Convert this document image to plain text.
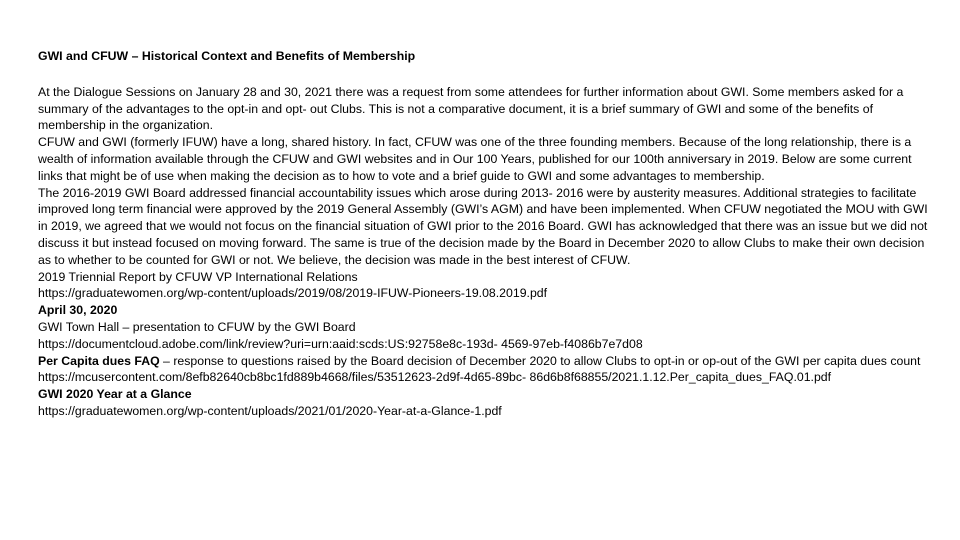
GWI and CFUW – Historical Context and Benefits of Membership

At the Dialogue Sessions on January 28 and 30, 2021 there was a request from some attendees for further information about GWI. Some members asked for a summary of the advantages to the opt-in and opt- out Clubs. This is not a comparative document, it is a brief summary of GWI and some of the benefits of membership in the organization.

CFUW and GWI (formerly IFUW) have a long, shared history. In fact, CFUW was one of the three founding members. Because of the long relationship, there is a wealth of information available through the CFUW and GWI websites and in Our 100 Years, published for our 100th anniversary in 2019. Below are some current links that might be of use when making the decision as to how to vote and a brief guide to GWI and some advantages to membership.

The 2016-2019 GWI Board addressed financial accountability issues which arose during 2013- 2016 were by austerity measures. Additional strategies to facilitate improved long term financial were approved by the 2019 General Assembly (GWI’s AGM) and have been implemented. When CFUW negotiated the MOU with GWI in 2019, we agreed that we would not focus on the financial situation of GWI prior to the 2016 Board. GWI has acknowledged that there was an issue but we did not discuss it but instead focused on moving forward. The same is true of the decision made by the Board in December 2020 to allow Clubs to make their own decision as to whether to be counted for GWI or not. We believe, the decision was made in the best interest of CFUW.

2019 Triennial Report by CFUW VP International Relations

https://graduatewomen.org/wp-content/uploads/2019/08/2019-IFUW-Pioneers-19.08.2019.pdf

April 30, 2020

GWI Town Hall – presentation to CFUW by the GWI Board

https://documentcloud.adobe.com/link/review?uri=urn:aaid:scds:US:92758e8c-193d- 4569-97eb-f4086b7e7d08

Per Capita dues FAQ – response to questions raised by the Board decision of December 2020 to allow Clubs to opt-in or op-out of the GWI per capita dues count

https://mcusercontent.com/8efb82640cb8bc1fd889b4668/files/53512623-2d9f-4d65-89bc- 86d6b8f68855/2021.1.12.Per_capita_dues_FAQ.01.pdf

GWI 2020 Year at a Glance

https://graduatewomen.org/wp-content/uploads/2021/01/2020-Year-at-a-Glance-1.pdf
